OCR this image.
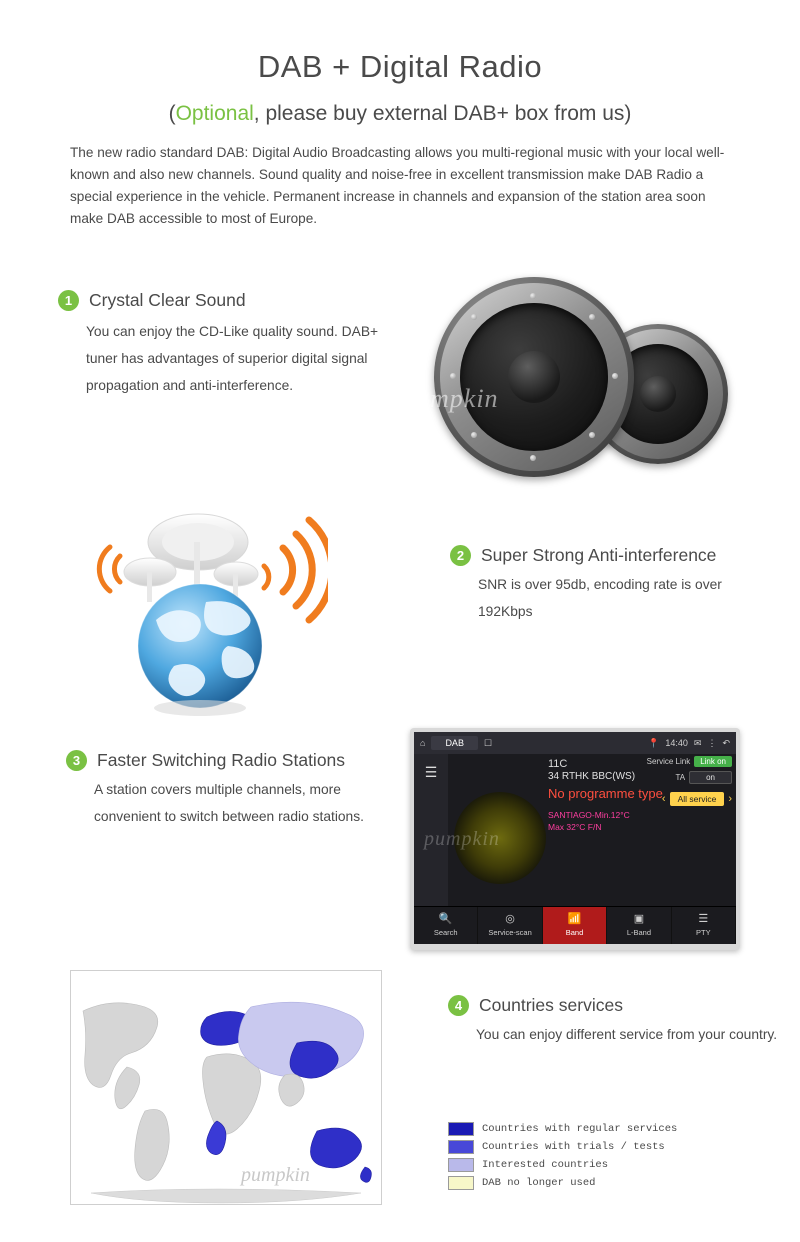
DAB + Digital Radio
(Optional, please buy external DAB+ box from us)
The new radio standard DAB: Digital Audio Broadcasting allows you multi-regional music with your local well-known and also new channels. Sound quality and noise-free in excellent transmission make DAB Radio a special experience in the vehicle. Permanent increase in channels and expansion of the station area soon make DAB accessible to most of Europe.
1 Crystal Clear Sound
You can enjoy the CD-Like quality sound. DAB+ tuner has advantages of superior digital signal propagation and anti-interference.	pumpkin
2 Super Strong Anti-interference
SNR is over 95db, encoding rate is over 192Kbps
3 Faster Switching Radio Stations
A station covers multiple channels, more convenient to switch between radio stations.
⌂	DAB	☐	📍 14:40 ✉ ⋮ ↶
☰	11C
34 RTHK BBC(WS)
No programme type
SANTIAGO-Min.12°C
Max 32°C F/N
Service Link	Link on
TA	on
‹	All service	›
🔍
Search
◎
Service-scan
📶
Band
▣
L-Band
☰
PTY
pumpkin
4 Countries services
You can enjoy different service from your country.
pumpkin
Countries with regular services
Countries with trials / tests
Interested countries
DAB no longer used
